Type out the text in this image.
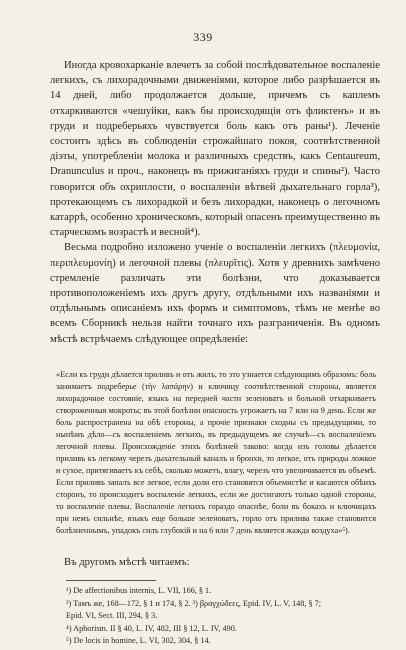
339

Иногда кровохарканіе влечетъ за собой послѣдовательное воспаленіе легкихъ, съ лихорадочными движеніями, которое либо разрѣшается въ 14 дней, либо продолжается дольше, причемъ съ каплемъ отхаркиваются «чешуйки, какъ бы происходящія отъ фликтенъ» и въ груди и подреберьяхъ чувствуется боль какъ отъ раны¹). Леченіе состоитъ здѣсь въ соблюденіи строжайшаго покоя, соотвѣтственной діэты, употребленіи молока и различныхъ средствъ, какъ Centaureum, Dranunculus и проч., наконецъ въ прижиганіяхъ груди и спины²). Часто говорится объ охриплости, о воспаленіи вѣтвей дыхательнаго горла³), протекающемъ съ лихорадкой и безъ лихорадки, наконецъ о легочномъ катаррѣ, особенно хроническомъ, который опасенъ преимущественно въ старческомъ возрастѣ и весной⁴).

Весьма подробно изложено ученіе о воспаленіи легкихъ (πλευμονία, περιπλευμονίη) и легочной плевы (πλευρῖτις). Хотя у древнихъ замѣчено стремленіе различать эти болѣзни, что доказывается противоположеніемъ ихъ другъ другу, отдѣльными ихъ названіями и отдѣльнымъ описаніемъ ихъ формъ и симптомовъ, тѣмъ не менѣе во всемъ Сборникѣ нельзя найти точнаго ихъ разграниченія. Въ одномъ мѣстѣ встрѣчаемъ слѣдующее опредѣленіе:

«Если къ груди дѣлается приливъ и отъ жилъ, то это узнается слѣдующимъ образомъ: боль занимаетъ подреберье (τὴν λαπάρην) и ключицу соотвѣтственной стороны, является лихорадочное состояніе, языкъ на передней части зеленоватъ и больной отхаркиваетъ створоженныя мокроты; въ этой болѣзни опасность угрожаетъ на 7 или на 9 день. Если же боль распространена на обѣ стороны, а прочіе признаки сходны съ предыдущими, то нынѣмъ дѣло—съ воспаленіемъ легкихъ, въ предыдущемъ же случаѣ—съ воспаленіемъ легочной плевы. Происхожденіе этихъ болѣзней таково: когда изъ головы дѣлается приливъ къ легкому черезъ дыхательный каналъ и бронхи, то легкое, отъ природы ложкое и сухое, притягиваетъ къ себѣ, сколько можетъ, влагу, черезъ что увеличивается въ объемѣ. Если приливъ запалъ все легкое, если доли его становятся объемистѣе и касаются обѣихъ сторонъ, то происходитъ воспаленіе легкихъ, если же достигаютъ только одной стороны, то воспаленіе плевы. Воспаленіе легкихъ гораздо опаснѣе, боли въ бокахъ и ключицахъ при немъ сильнѣе, языкъ еще больше зеленоватъ, горло отъ прилива также становится болѣзненнымъ, упадокъ силъ глубокій и на 6 или 7 день является жажда воздуха»⁵).
Въ другомъ мѣстѣ читаемъ:
¹) De affectionibus internis, L. VII, 166, § 1.
²) Тамъ же, 168—172, § 1 и 174, § 2. ³) βραγχώδεες, Epid. IV, L. V, 148, § 7;
Epid. VI, Sect. III, 294, § 3.
⁴) Aphorism. II § 40, L. IV, 482, III § 12, L. IV, 490.
⁵) De locis in homine, L. VI, 302, 304, § 14.
